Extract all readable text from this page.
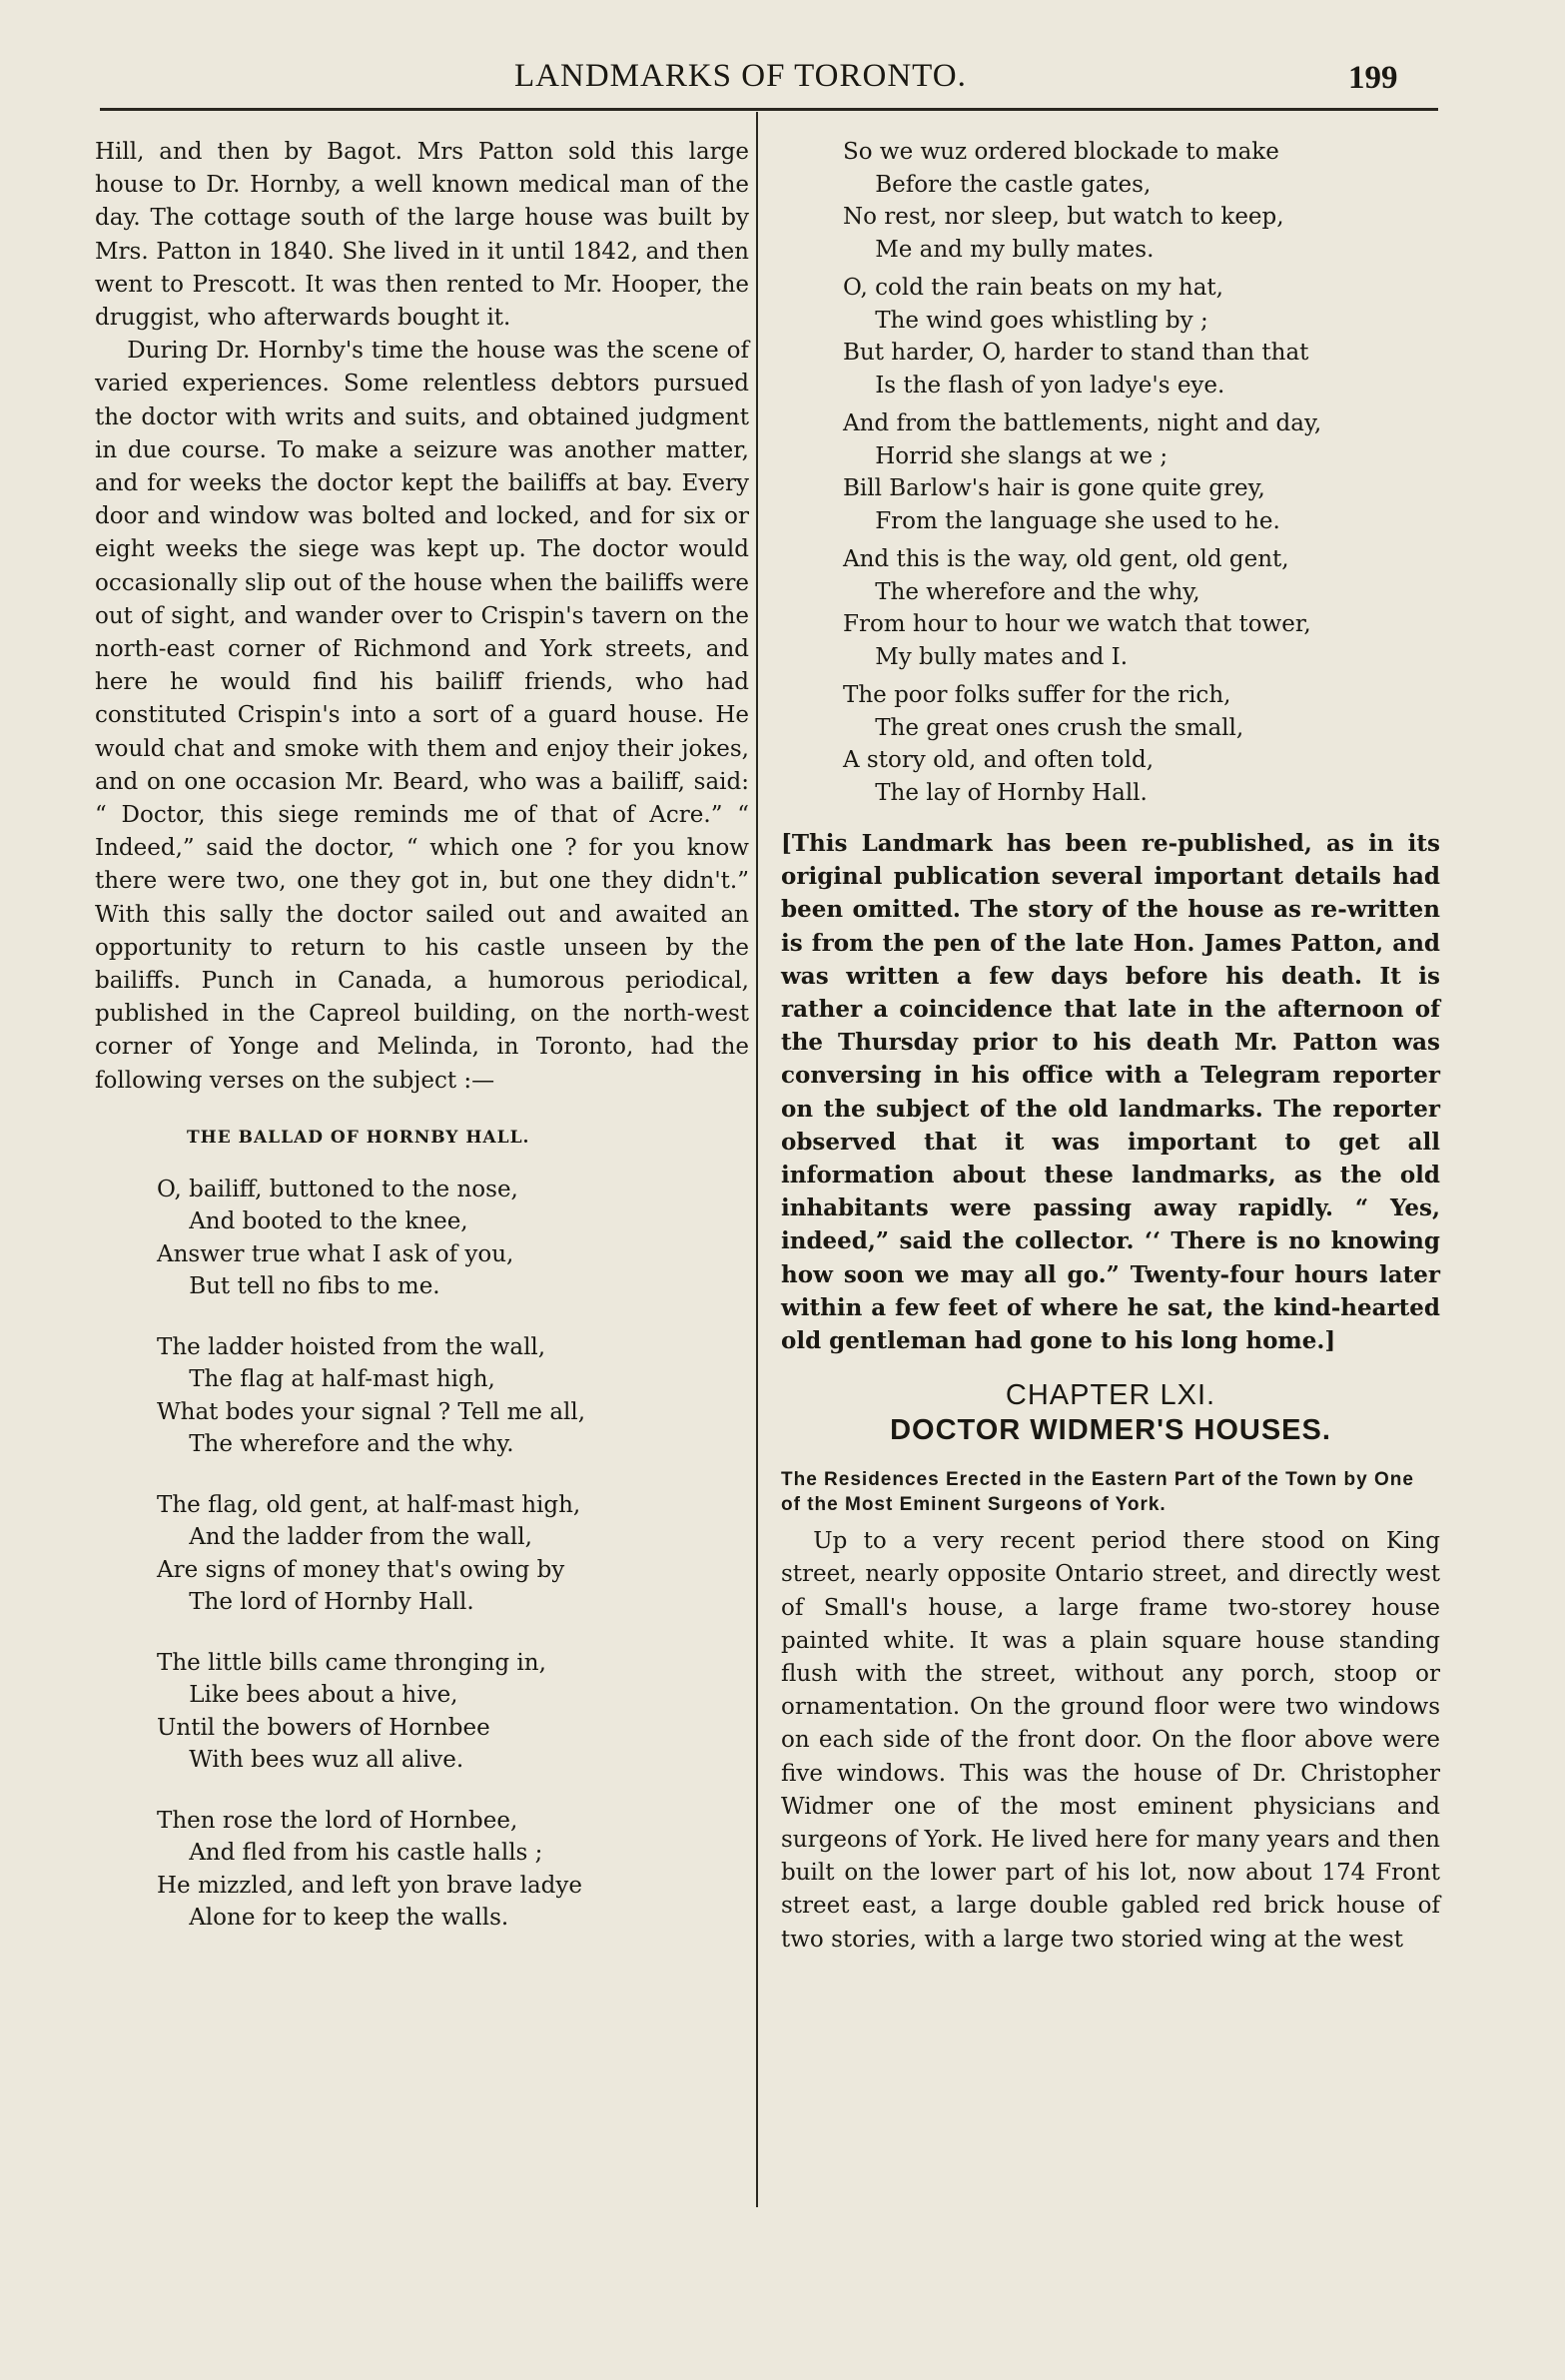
LANDMARKS OF TORONTO.	199

Hill, and then by Bagot. Mrs Patton sold this large house to Dr. Hornby, a well known medical man of the day. The cottage south of the large house was built by Mrs. Patton in 1840. She lived in it until 1842, and then went to Prescott. It was then rented to Mr. Hooper, the druggist, who afterwards bought it.

During Dr. Hornby's time the house was the scene of varied experiences. Some relentless debtors pursued the doctor with writs and suits, and obtained judgment in due course. To make a seizure was another matter, and for weeks the doctor kept the bailiffs at bay. Every door and window was bolted and locked, and for six or eight weeks the siege was kept up. The doctor would occasionally slip out of the house when the bailiffs were out of sight, and wander over to Crispin's tavern on the north-east corner of Richmond and York streets, and here he would find his bailiff friends, who had constituted Crispin's into a sort of a guard house. He would chat and smoke with them and enjoy their jokes, and on one occasion Mr. Beard, who was a bailiff, said: “ Doctor, this siege reminds me of that of Acre.” “ Indeed,” said the doctor, “ which one ? for you know there were two, one they got in, but one they didn't.” With this sally the doctor sailed out and awaited an opportunity to return to his castle unseen by the bailiffs. Punch in Canada, a humorous periodical, published in the Capreol building, on the north-west corner of Yonge and Melinda, in Toronto, had the following verses on the subject :—

THE BALLAD OF HORNBY HALL.
O, bailiff, buttoned to the nose,
And booted to the knee,
Answer true what I ask of you,
But tell no fibs to me.
The ladder hoisted from the wall,
The flag at half-mast high,
What bodes your signal ? Tell me all,
The wherefore and the why.
The flag, old gent, at half-mast high,
And the ladder from the wall,
Are signs of money that's owing by
The lord of Hornby Hall.
The little bills came thronging in,
Like bees about a hive,
Until the bowers of Hornbee
With bees wuz all alive.
Then rose the lord of Hornbee,
And fled from his castle halls ;
He mizzled, and left yon brave ladye
Alone for to keep the walls.
So we wuz ordered blockade to make
Before the castle gates,
No rest, nor sleep, but watch to keep,
Me and my bully mates.
O, cold the rain beats on my hat,
The wind goes whistling by ;
But harder, O, harder to stand than that
Is the flash of yon ladye's eye.
And from the battlements, night and day,
Horrid she slangs at we ;
Bill Barlow's hair is gone quite grey,
From the language she used to he.
And this is the way, old gent, old gent,
The wherefore and the why,
From hour to hour we watch that tower,
My bully mates and I.
The poor folks suffer for the rich,
The great ones crush the small,
A story old, and often told,
The lay of Hornby Hall.

[This Landmark has been re-published, as in its original publication several important details had been omitted. The story of the house as re-written is from the pen of the late Hon. James Patton, and was written a few days before his death. It is rather a coincidence that late in the afternoon of the Thursday prior to his death Mr. Patton was conversing in his office with a Telegram reporter on the subject of the old landmarks. The reporter observed that it was important to get all information about these landmarks, as the old inhabitants were passing away rapidly. “ Yes, indeed,” said the collector. ‘‘ There is no knowing how soon we may all go.” Twenty-four hours later within a few feet of where he sat, the kind-hearted old gentleman had gone to his long home.]

CHAPTER LXI.
DOCTOR WIDMER'S HOUSES.
The Residences Erected in the Eastern Part of the Town by One of the Most Eminent Surgeons of York.

Up to a very recent period there stood on King street, nearly opposite Ontario street, and directly west of Small's house, a large frame two-storey house painted white. It was a plain square house standing flush with the street, without any porch, stoop or ornamentation. On the ground floor were two windows on each side of the front door. On the floor above were five windows. This was the house of Dr. Christopher Widmer one of the most eminent physicians and surgeons of York. He lived here for many years and then built on the lower part of his lot, now about 174 Front street east, a large double gabled red brick house of two stories, with a large two storied wing at the west
